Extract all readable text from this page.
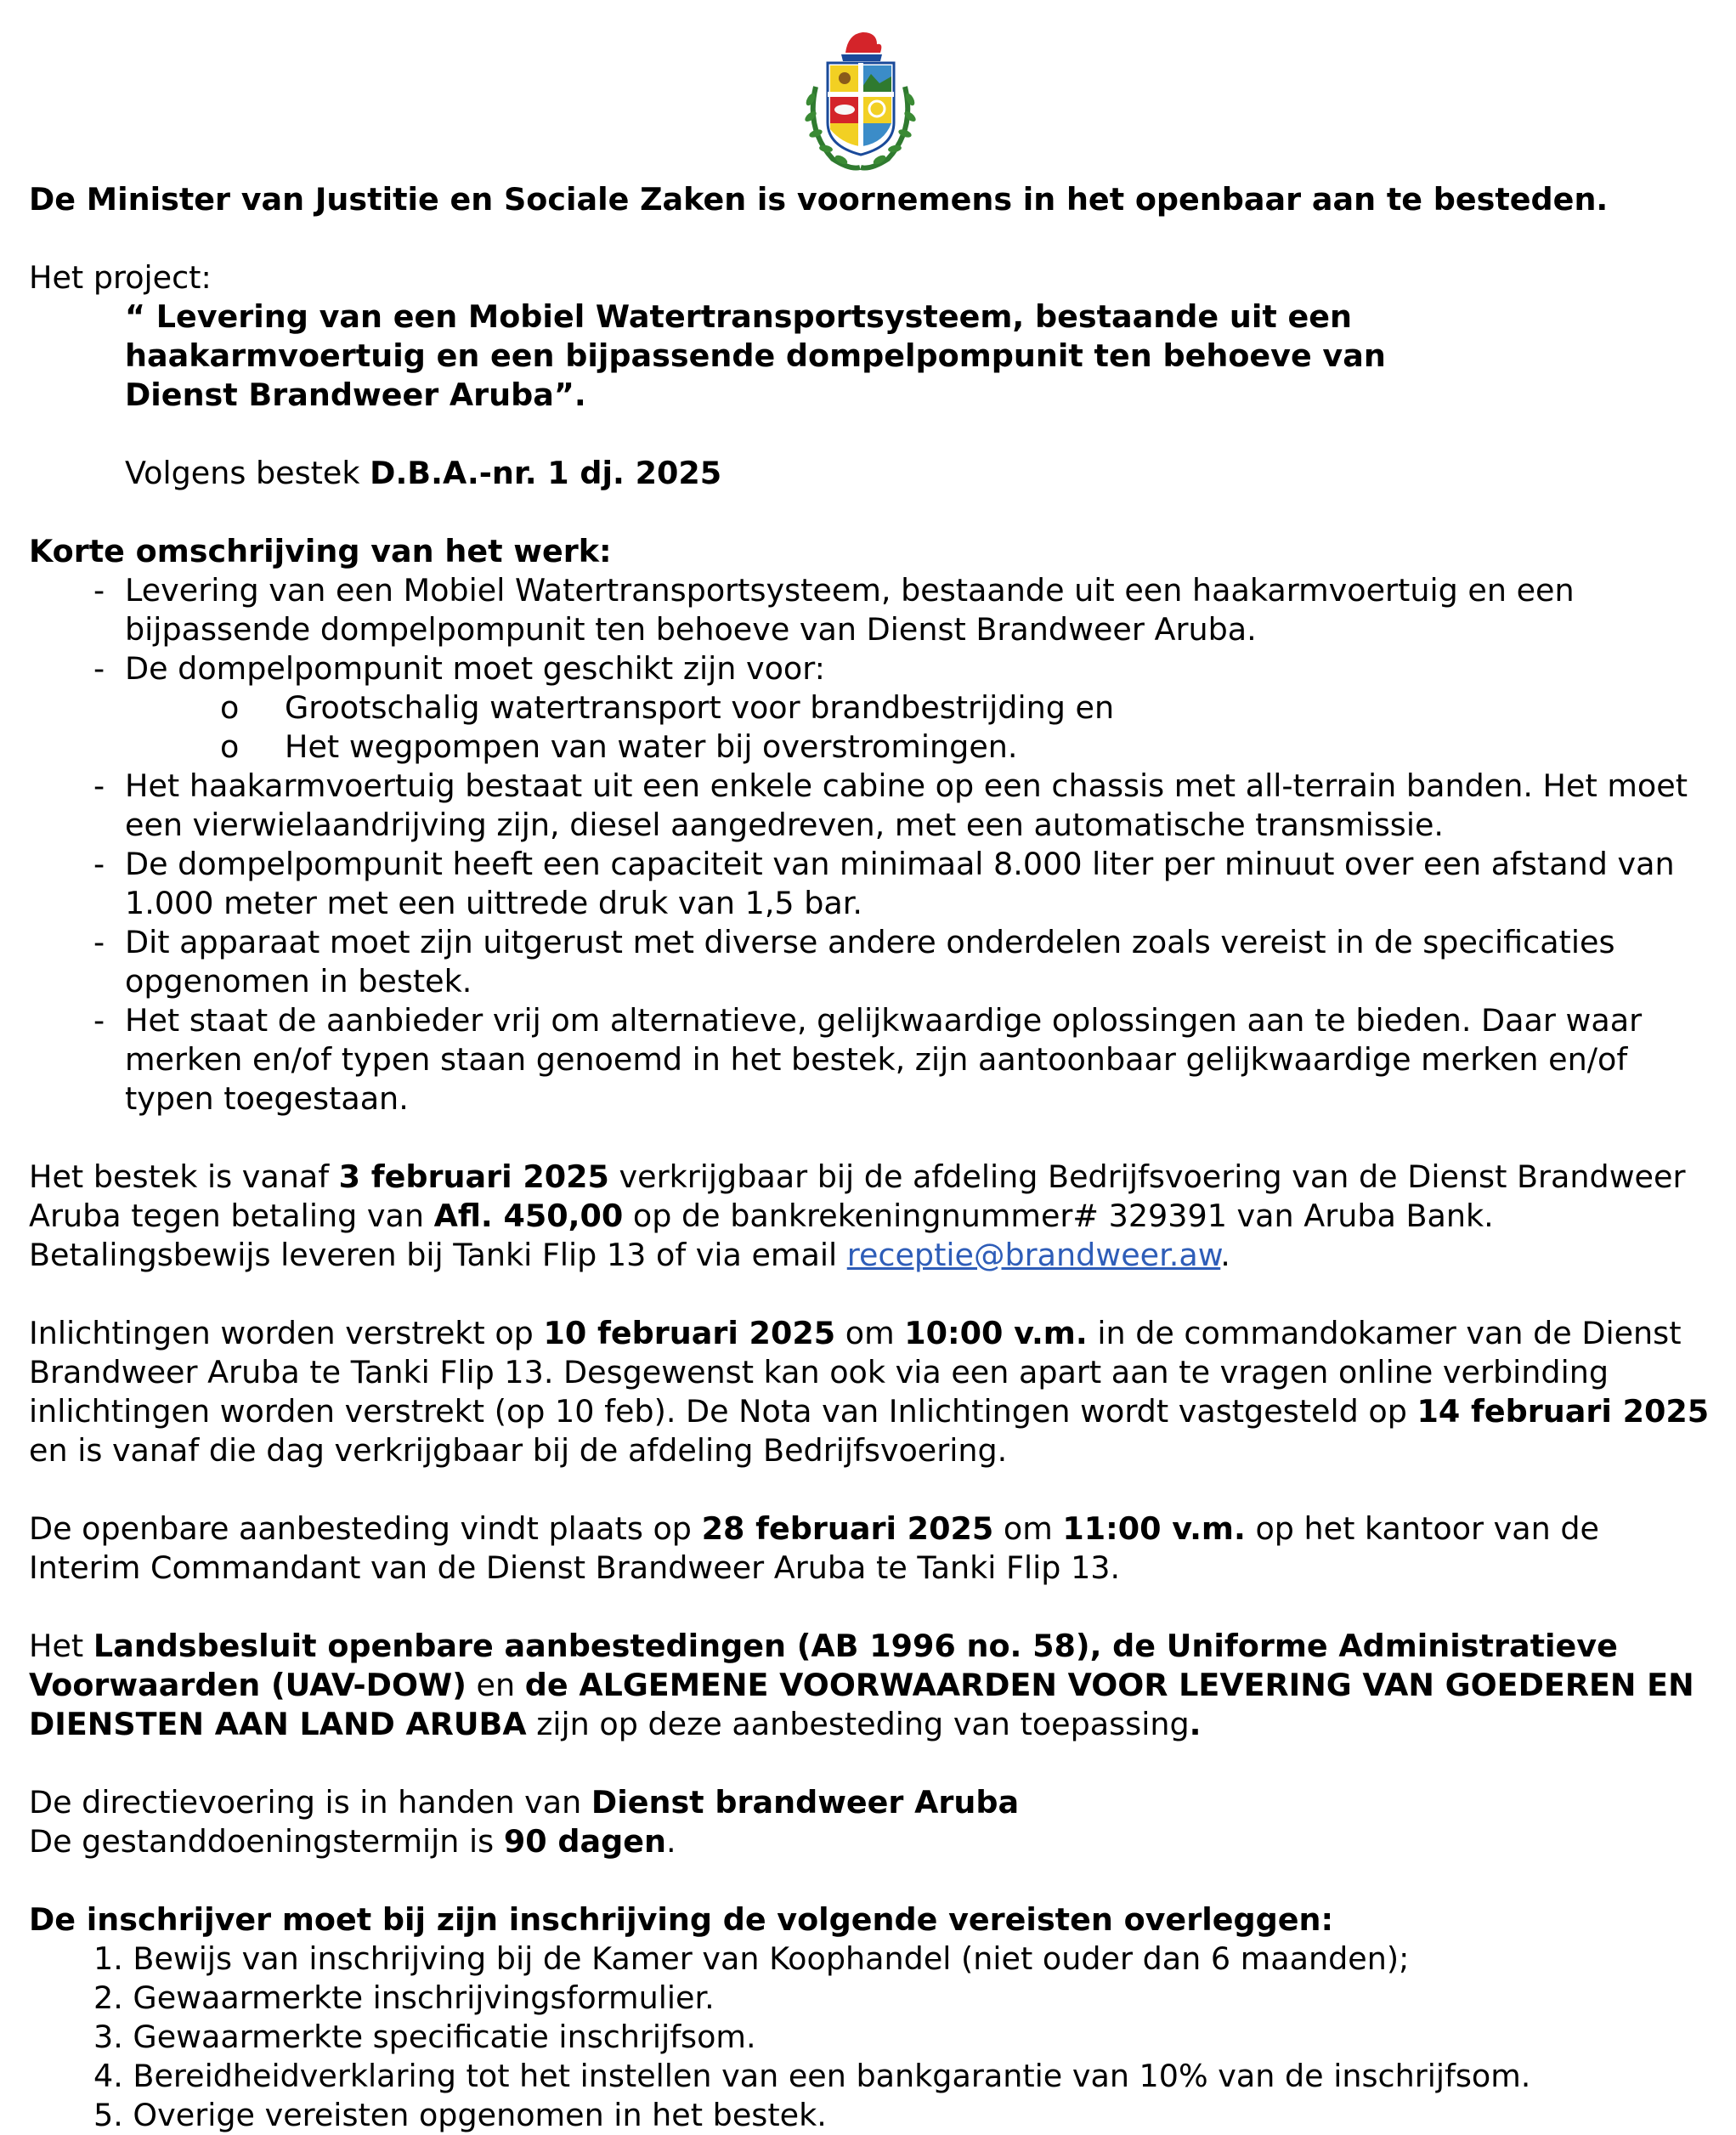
De Minister van Justitie en Sociale Zaken is voornemens in het openbaar aan te besteden.

Het project:

“ Levering van een Mobiel Watertransportsysteem, bestaande uit een

haakarmvoertuig en een bijpassende dompelpompunit ten behoeve van

Dienst Brandweer Aruba”.

Volgens bestek D.B.A.-nr. 1 dj. 2025

Korte omschrijving van het werk:

- Levering van een Mobiel Watertransportsysteem, bestaande uit een haakarmvoertuig en een bijpassende dompelpompunit ten behoeve van Dienst Brandweer Aruba.
- De dompelpompunit moet geschikt zijn voor:
o Grootschalig watertransport voor brandbestrijding en
o Het wegpompen van water bij overstromingen.
- Het haakarmvoertuig bestaat uit een enkele cabine op een chassis met all-terrain banden. Het moet een vierwielaandrijving zijn, diesel aangedreven, met een automatische transmissie.
- De dompelpompunit heeft een capaciteit van minimaal 8.000 liter per minuut over een afstand van 1.000 meter met een uittrede druk van 1,5 bar.
- Dit apparaat moet zijn uitgerust met diverse andere onderdelen zoals vereist in de specificaties opgenomen in bestek.
- Het staat de aanbieder vrij om alternatieve, gelijkwaardige oplossingen aan te bieden. Daar waar merken en/of typen staan genoemd in het bestek, zijn aantoonbaar gelijkwaardige merken en/of typen toegestaan.

Het bestek is vanaf 3 februari 2025 verkrijgbaar bij de afdeling Bedrijfsvoering van de Dienst Brandweer Aruba tegen betaling van Afl. 450,00 op de bankrekeningnummer# 329391 van Aruba Bank. Betalingsbewijs leveren bij Tanki Flip 13 of via email receptie@brandweer.aw.

Inlichtingen worden verstrekt op 10 februari 2025 om 10:00 v.m. in de commandokamer van de Dienst Brandweer Aruba te Tanki Flip 13. Desgewenst kan ook via een apart aan te vragen online verbinding inlichtingen worden verstrekt (op 10 feb). De Nota van Inlichtingen wordt vastgesteld op 14 februari 2025 en is vanaf die dag verkrijgbaar bij de afdeling Bedrijfsvoering.

De openbare aanbesteding vindt plaats op 28 februari 2025 om 11:00 v.m. op het kantoor van de Interim Commandant van de Dienst Brandweer Aruba te Tanki Flip 13.

Het Landsbesluit openbare aanbestedingen (AB 1996 no. 58), de Uniforme Administratieve Voorwaarden (UAV-DOW) en de ALGEMENE VOORWAARDEN VOOR LEVERING VAN GOEDEREN EN DIENSTEN AAN LAND ARUBA zijn op deze aanbesteding van toepassing.

De directievoering is in handen van Dienst brandweer Aruba

De gestanddoeningstermijn is 90 dagen.

De inschrijver moet bij zijn inschrijving de volgende vereisten overleggen:

1. Bewijs van inschrijving bij de Kamer van Koophandel (niet ouder dan 6 maanden);
2. Gewaarmerkte inschrijvingsformulier.
3. Gewaarmerkte specificatie inschrijfsom.
4. Bereidheidverklaring tot het instellen van een bankgarantie van 10% van de inschrijfsom.
5. Overige vereisten opgenomen in het bestek.
